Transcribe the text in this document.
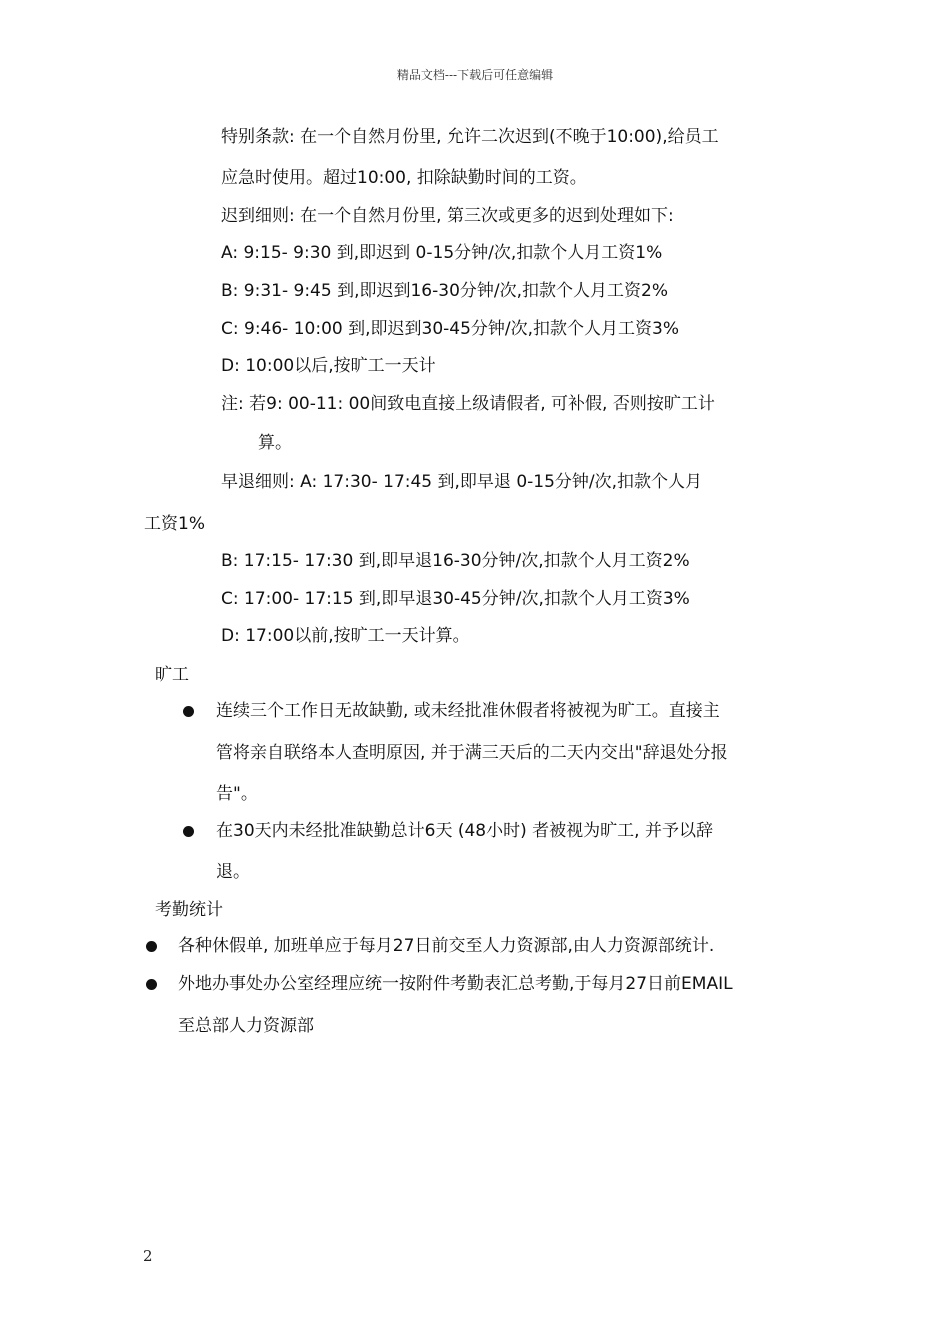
精品文档---下载后可任意编辑
特别条款: 在一个自然月份里, 允许二次迟到(不晚于10:00),给员工
应急时使用。超过10:00, 扣除缺勤时间的工资。
迟到细则: 在一个自然月份里, 第三次或更多的迟到处理如下:
A: 9:15- 9:30 到,即迟到 0-15分钟/次,扣款个人月工资1%
B: 9:31- 9:45 到,即迟到16-30分钟/次,扣款个人月工资2%
C: 9:46- 10:00 到,即迟到30-45分钟/次,扣款个人月工资3%
D: 10:00以后,按旷工一天计
注: 若9: 00-11: 00间致电直接上级请假者, 可补假, 否则按旷工计
算。
早退细则: A: 17:30- 17:45 到,即早退 0-15分钟/次,扣款个人月
工资1%
B: 17:15- 17:30 到,即早退16-30分钟/次,扣款个人月工资2%
C: 17:00- 17:15 到,即早退30-45分钟/次,扣款个人月工资3%
D: 17:00以前,按旷工一天计算。
旷工
连续三个工作日无故缺勤, 或未经批准休假者将被视为旷工。直接主
管将亲自联络本人查明原因, 并于满三天后的二天内交出"辞退处分报
告"。
在30天内未经批准缺勤总计6天 (48小时) 者被视为旷工, 并予以辞
退。
考勤统计
各种休假单, 加班单应于每月27日前交至人力资源部,由人力资源部统计.
外地办事处办公室经理应统一按附件考勤表汇总考勤,于每月27日前EMAIL
至总部人力资源部
2
